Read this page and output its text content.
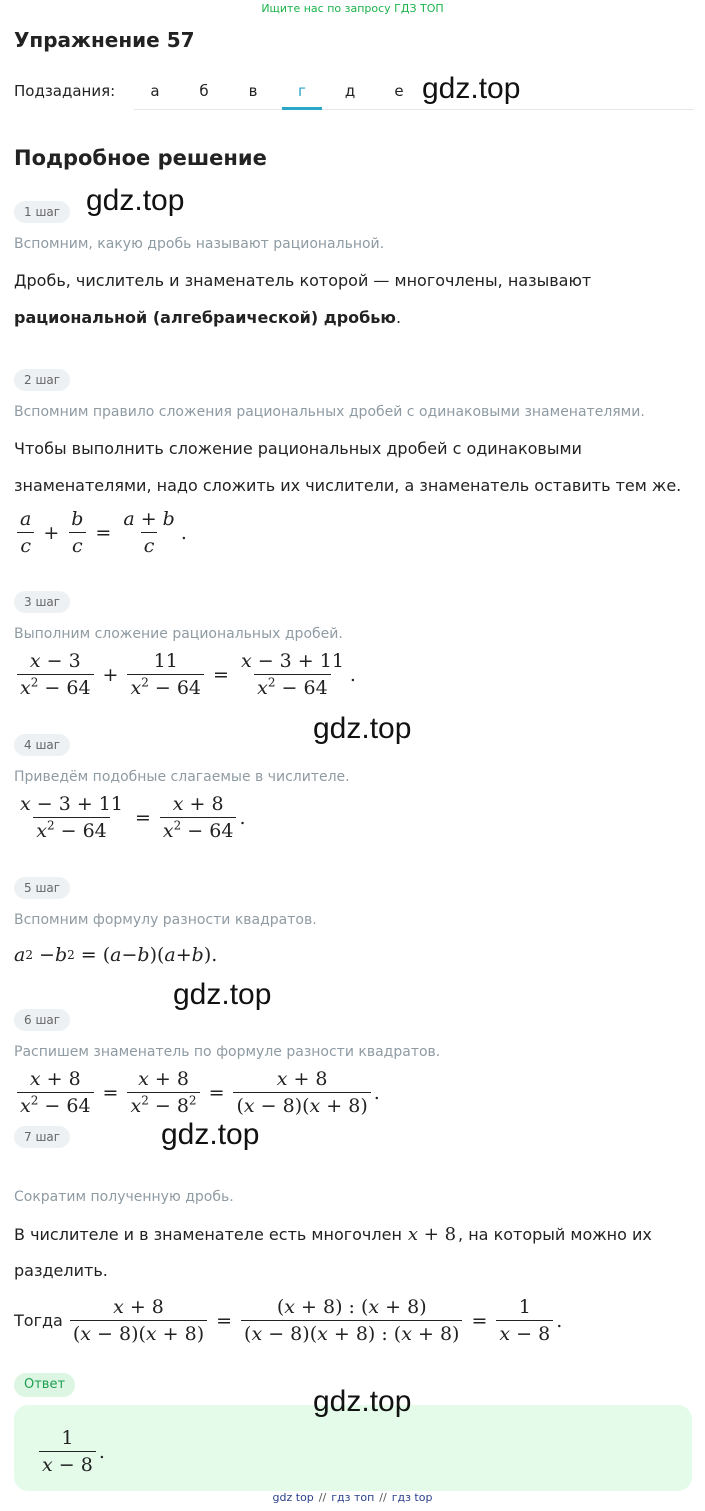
Ищите нас по запросу ГДЗ ТОП
Упражнение 57
Подзадания:	а	б	в	г	д	е gdz.top
Подробное решение
1 шаг gdz.top
Вспомним, какую дробь называют рациональной.
Дробь, числитель и знаменатель которой — многочлены, называют
рациональной (алгебраической) дробью.
2 шаг
Вспомним правило сложения рациональных дробей с одинаковыми знаменателями.
Чтобы выполнить сложение рациональных дробей с одинаковыми
знаменателями, надо сложить их числители, а знаменатель оставить тем же.
$\frac{a}{c} + \frac{b}{c} = \frac{a + b}{c}$ .
3 шаг
Выполним сложение рациональных дробей.
$\frac{x - 3}{x^2 - 64} + \frac{11}{x^2 - 64} = \frac{x - 3 + 11}{x^2 - 64}$ .
gdz.top
4 шаг
Приведём подобные слагаемые в числителе.
$\frac{x - 3 + 11}{x^2 - 64} = \frac{x + 8}{x^2 - 64}$ .
5 шаг
Вспомним формулу разности квадратов.
a 2 − b 2 = ( a − b )( a + b ).
gdz.top
6 шаг
Распишем знаменатель по формуле разности квадратов.
$\frac{x + 8}{x^2 - 64} = \frac{x + 8}{x^2 - 8^2} = \frac{x + 8}{(x - 8)(x + 8)}$ .
7 шаг	gdz.top
Сократим полученную дробь.
В числителе и в знаменателе есть многочлен x + 8 , на который можно их
разделить.
Тогда $\frac{x + 8}{(x - 8)(x + 8)} = \frac{(x + 8) : (x + 8)}{(x - 8)(x + 8) : (x + 8)} = \frac{1}{x - 8}$ .
Ответ
gdz.top
$\frac{1}{x - 8}$ .
gdz top // гдз топ // гдз top
